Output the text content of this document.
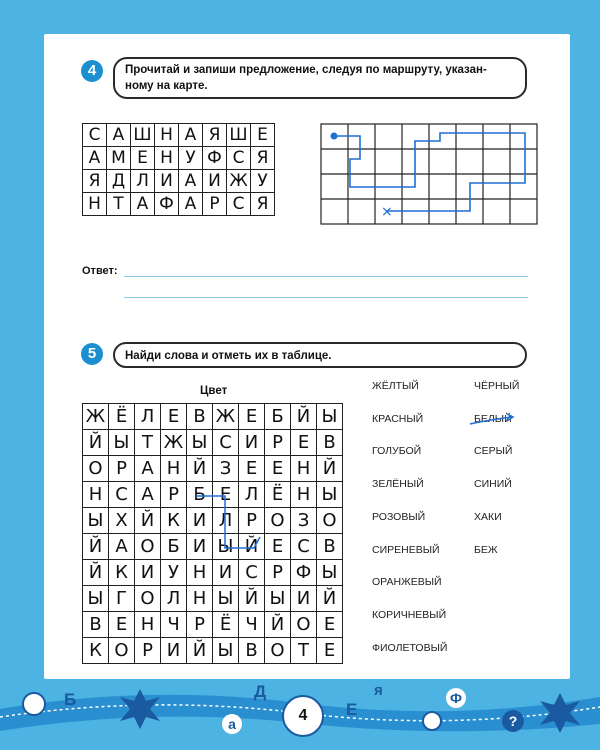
4	Прочитай и запиши предложение, следуя по маршруту, указан-
ному на карте.
С	А	Ш	Н	А	Я	Ш	Е
А	М	Е	Н	У	Ф	С	Я
Я	Д	Л	И	А	И	Ж	У
Н	Т	А	Ф	А	Р	С	Я	×
Ответ:
5	Найди слова и отметь их в таблице.
Цвет
Ж	Ё	Л	Е	В	Ж	Е	Б	Й	Ы
Й	Ы	Т	Ж	Ы	С	И	Р	Е	В
О	Р	А	Н	Й	З	Е	Е	Н	Й
Н	С	А	Р	Б	Е	Л	Ё	Н	Ы
Ы	Х	Й	К	И	Л	Р	О	З	О
Й	А	О	Б	И	Ы	Й	Е	С	В
Й	К	И	У	Н	И	С	Р	Ф	Ы
Ы	Г	О	Л	Н	Ы	Й	Ы	И	Й
В	Е	Н	Ч	Р	Ё	Ч	Й	О	Е
К	О	Р	И	Й	Ы	В	О	Т	Е
ЖЁЛТЫЙ
КРАСНЫЙ
ГОЛУБОЙ
ЗЕЛЁНЫЙ
РОЗОВЫЙ
СИРЕНЕВЫЙ
ОРАНЖЕВЫЙ
КОРИЧНЕВЫЙ
ФИОЛЕТОВЫЙ
ЧЁРНЫЙ
БЕЛЫЙ
СЕРЫЙ
СИНИЙ
ХАКИ
БЕЖ
Б	Д
а
Е
я	Ф
?
4
